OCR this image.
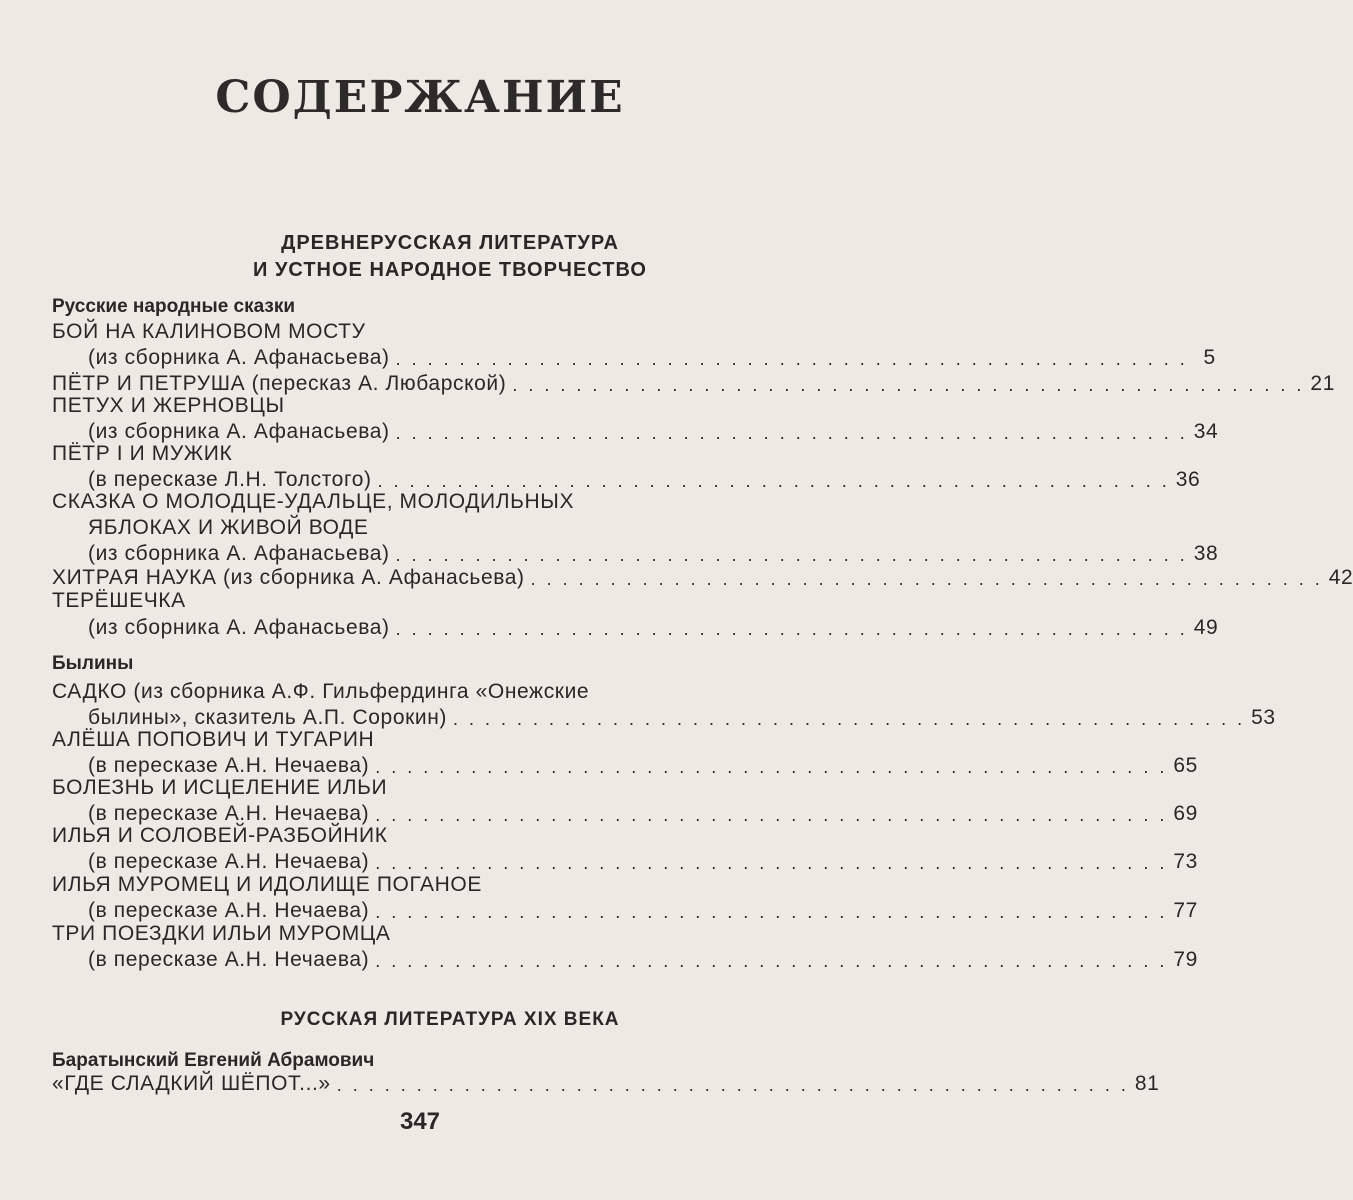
СОДЕРЖАНИЕ
ДРЕВНЕРУССКАЯ ЛИТЕРАТУРА
И УСТНОЕ НАРОДНОЕ ТВОРЧЕСТВО
Русские народные сказки
БОЙ НА КАЛИНОВОМ МОСТУ
(из сборника А. Афанасьева) . . . . . . . . . . . . . . . . . . . . . . . . . . . . . . . . . . . . . . . . . . . . . . . . . . 5
ПЁТР И ПЕТРУША (пересказ А. Любарской) . . . . . . . . . . . . . . . . . . . . . . . . . . . . . . . . . . . . . . . . . . . . . . . . . . 21
ПЕТУХ И ЖЕРНОВЦЫ
(из сборника А. Афанасьева) . . . . . . . . . . . . . . . . . . . . . . . . . . . . . . . . . . . . . . . . . . . . . . . . . . 34
ПЁТР I И МУЖИК
(в пересказе Л.Н. Толстого) . . . . . . . . . . . . . . . . . . . . . . . . . . . . . . . . . . . . . . . . . . . . . . . . . . 36
СКАЗКА О МОЛОДЦЕ-УДАЛЬЦЕ, МОЛОДИЛЬНЫХ
ЯБЛОКАХ И ЖИВОЙ ВОДЕ
(из сборника А. Афанасьева) . . . . . . . . . . . . . . . . . . . . . . . . . . . . . . . . . . . . . . . . . . . . . . . . . . 38
ХИТРАЯ НАУКА (из сборника А. Афанасьева) . . . . . . . . . . . . . . . . . . . . . . . . . . . . . . . . . . . . . . . . . . . . . . . . . . 42
ТЕРЁШЕЧКА
(из сборника А. Афанасьева) . . . . . . . . . . . . . . . . . . . . . . . . . . . . . . . . . . . . . . . . . . . . . . . . . . 49
Былины
САДКО (из сборника А.Ф. Гильфердинга «Онежские
былины», сказитель А.П. Сорокин) . . . . . . . . . . . . . . . . . . . . . . . . . . . . . . . . . . . . . . . . . . . . . . . . . . 53
АЛЁША ПОПОВИЧ И ТУГАРИН
(в пересказе А.Н. Нечаева) . . . . . . . . . . . . . . . . . . . . . . . . . . . . . . . . . . . . . . . . . . . . . . . . . . 65
БОЛЕЗНЬ И ИСЦЕЛЕНИЕ ИЛЬИ
(в пересказе А.Н. Нечаева) . . . . . . . . . . . . . . . . . . . . . . . . . . . . . . . . . . . . . . . . . . . . . . . . . . 69
ИЛЬЯ И СОЛОВЕЙ-РАЗБОЙНИК
(в пересказе А.Н. Нечаева) . . . . . . . . . . . . . . . . . . . . . . . . . . . . . . . . . . . . . . . . . . . . . . . . . . 73
ИЛЬЯ МУРОМЕЦ И ИДОЛИЩЕ ПОГАНОЕ
(в пересказе А.Н. Нечаева) . . . . . . . . . . . . . . . . . . . . . . . . . . . . . . . . . . . . . . . . . . . . . . . . . . 77
ТРИ ПОЕЗДКИ ИЛЬИ МУРОМЦА
(в пересказе А.Н. Нечаева) . . . . . . . . . . . . . . . . . . . . . . . . . . . . . . . . . . . . . . . . . . . . . . . . . . 79
РУССКАЯ ЛИТЕРАТУРА XIX ВЕКА
Баратынский Евгений Абрамович
«ГДЕ СЛАДКИЙ ШЁПОТ...» . . . . . . . . . . . . . . . . . . . . . . . . . . . . . . . . . . . . . . . . . . . . . . . . . . 81
347
